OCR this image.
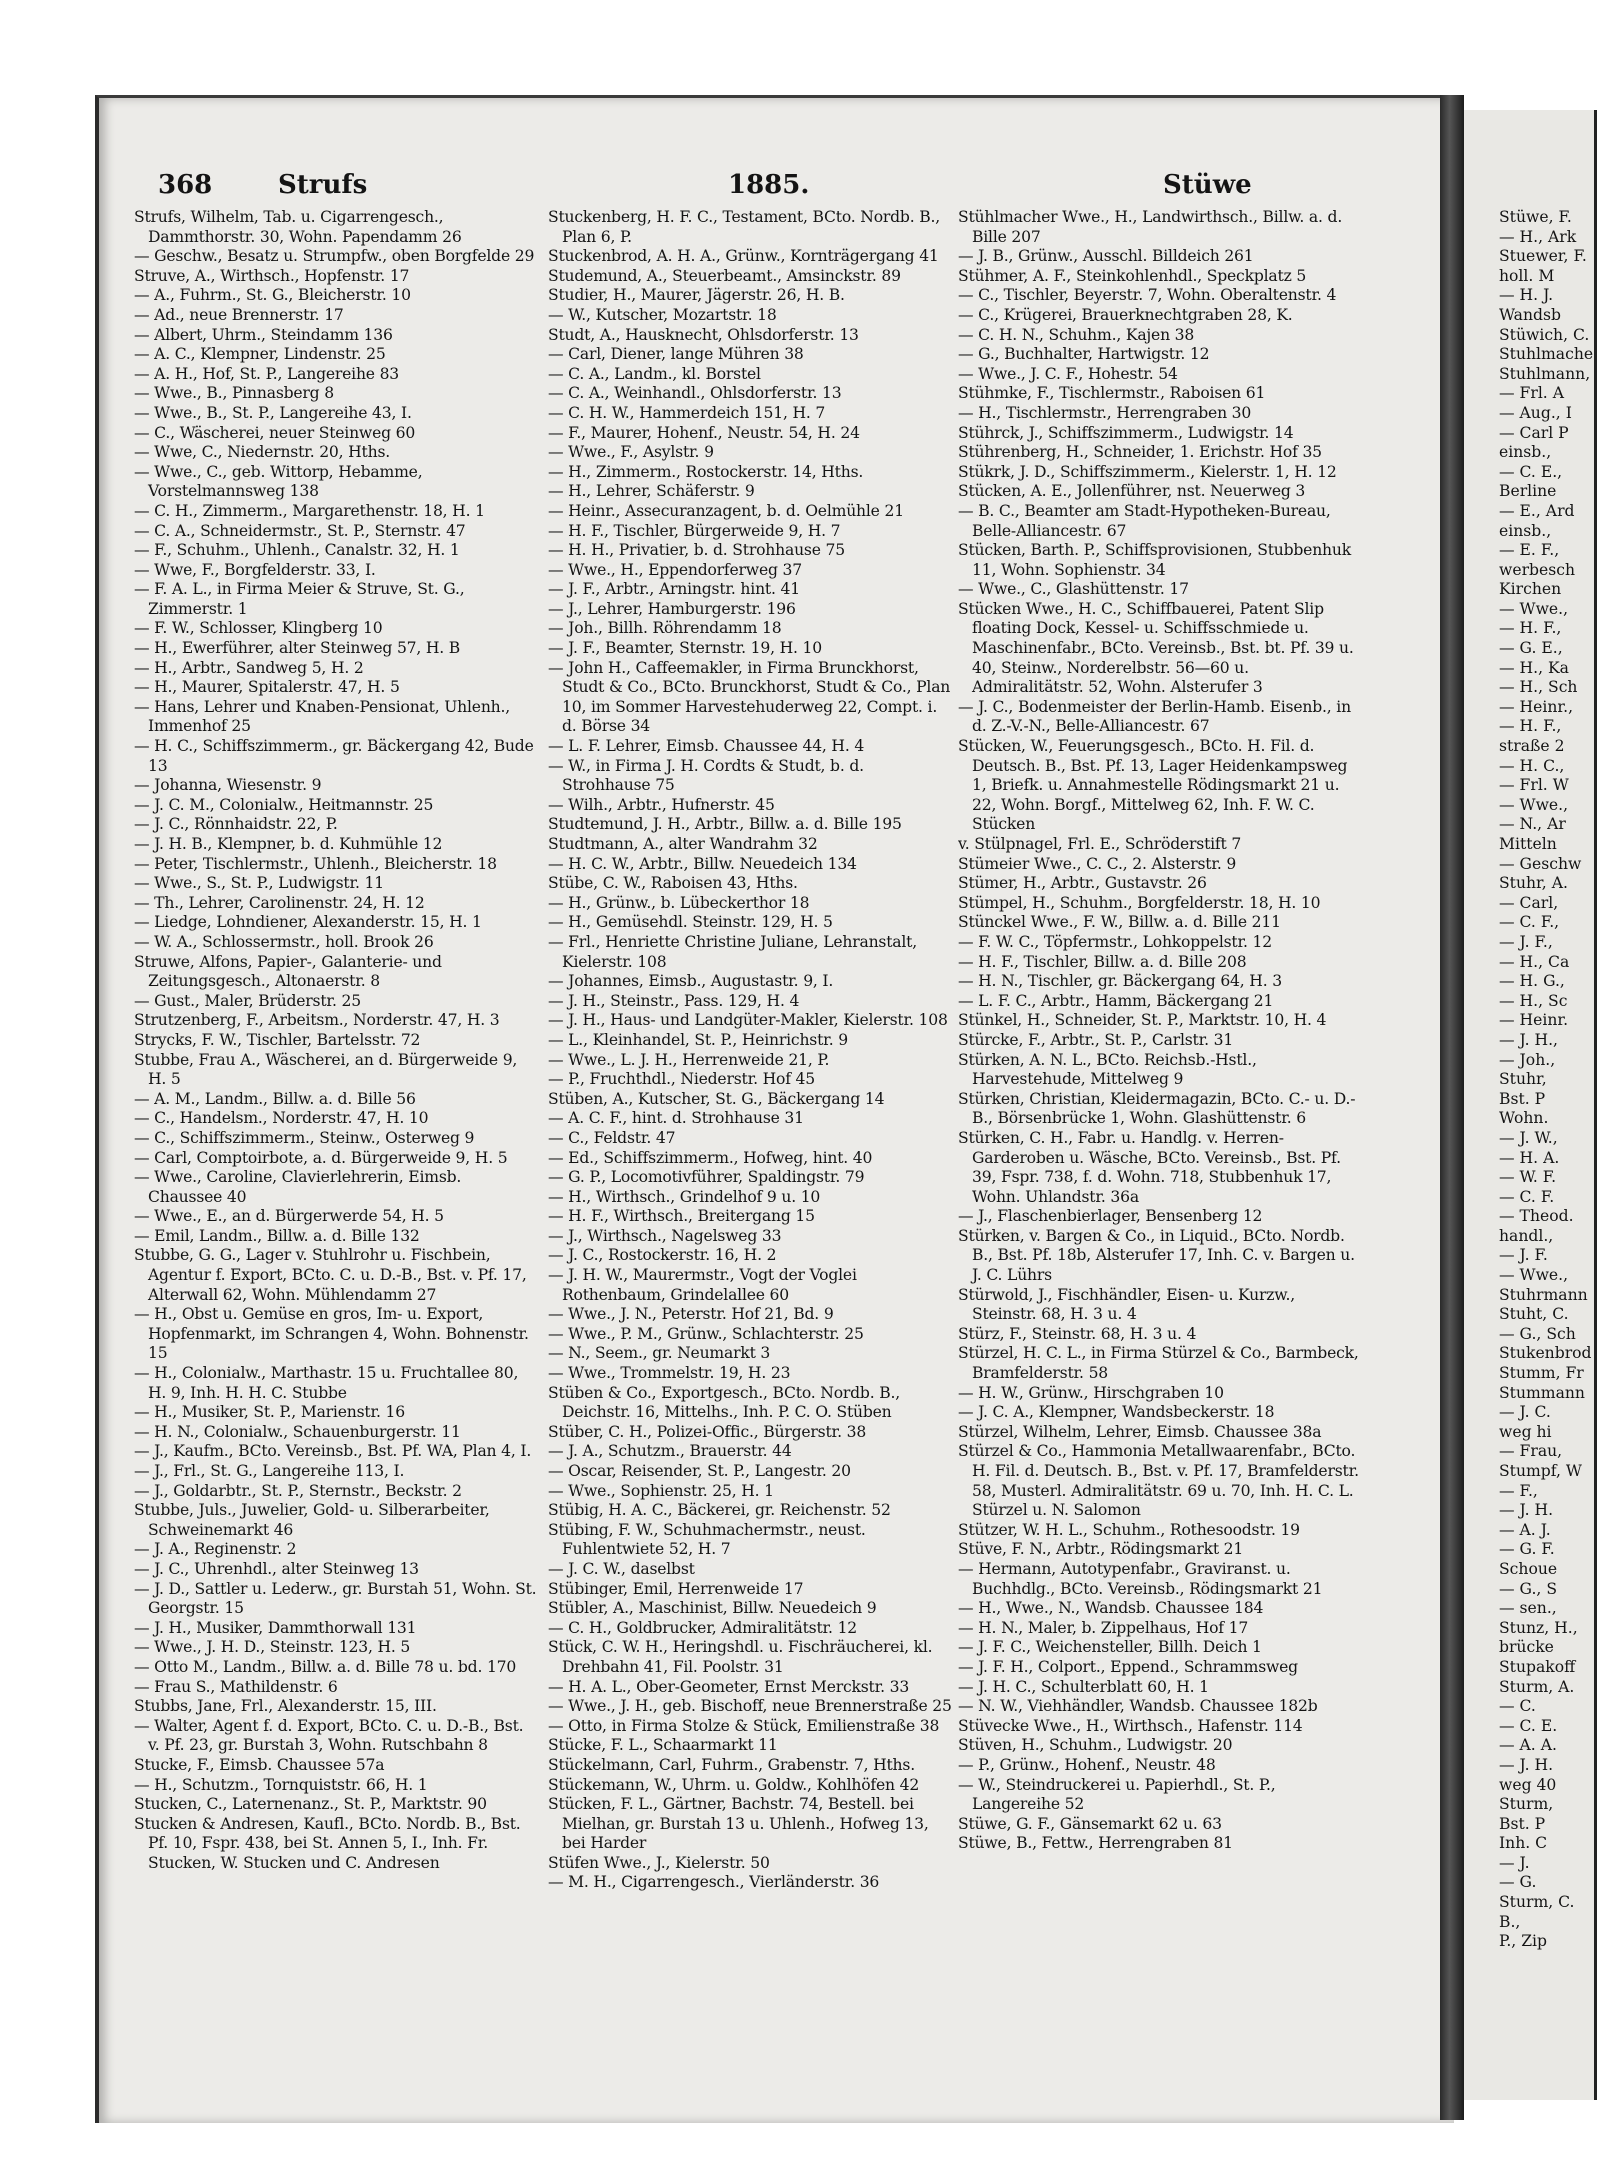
368	Strufs	1885.	Stüwe

Strufs, Wilhelm, Tab. u. Cigarrengesch., Dammthorstr. 30, Wohn. Papendamm 26

— Geschw., Besatz u. Strumpfw., oben Borgfelde 29

Struve, A., Wirthsch., Hopfenstr. 17

— A., Fuhrm., St. G., Bleicherstr. 10

— Ad., neue Brennerstr. 17

— Albert, Uhrm., Steindamm 136

— A. C., Klempner, Lindenstr. 25

— A. H., Hof, St. P., Langereihe 83

— Wwe., B., Pinnasberg 8

— Wwe., B., St. P., Langereihe 43, I.

— C., Wäscherei, neuer Steinweg 60

— Wwe, C., Niedernstr. 20, Hths.

— Wwe., C., geb. Wittorp, Hebamme, Vorstelmannsweg 138

— C. H., Zimmerm., Margarethenstr. 18, H. 1

— C. A., Schneidermstr., St. P., Sternstr. 47

— F., Schuhm., Uhlenh., Canalstr. 32, H. 1

— Wwe, F., Borgfelderstr. 33, I.

— F. A. L., in Firma Meier & Struve, St. G., Zimmerstr. 1

— F. W., Schlosser, Klingberg 10

— H., Ewerführer, alter Steinweg 57, H. B

— H., Arbtr., Sandweg 5, H. 2

— H., Maurer, Spitalerstr. 47, H. 5

— Hans, Lehrer und Knaben-Pensionat, Uhlenh., Immenhof 25

— H. C., Schiffszimmerm., gr. Bäckergang 42, Bude 13

— Johanna, Wiesenstr. 9

— J. C. M., Colonialw., Heitmannstr. 25

— J. C., Rönnhaidstr. 22, P.

— J. H. B., Klempner, b. d. Kuhmühle 12

— Peter, Tischlermstr., Uhlenh., Bleicherstr. 18

— Wwe., S., St. P., Ludwigstr. 11

— Th., Lehrer, Carolinenstr. 24, H. 12

— Liedge, Lohndiener, Alexanderstr. 15, H. 1

— W. A., Schlossermstr., holl. Brook 26

Struwe, Alfons, Papier-, Galanterie- und Zeitungsgesch., Altonaerstr. 8

— Gust., Maler, Brüderstr. 25

Strutzenberg, F., Arbeitsm., Norderstr. 47, H. 3

Strycks, F. W., Tischler, Bartelsstr. 72

Stubbe, Frau A., Wäscherei, an d. Bürgerweide 9, H. 5

— A. M., Landm., Billw. a. d. Bille 56

— C., Handelsm., Norderstr. 47, H. 10

— C., Schiffszimmerm., Steinw., Osterweg 9

— Carl, Comptoirbote, a. d. Bürgerweide 9, H. 5

— Wwe., Caroline, Clavierlehrerin, Eimsb. Chaussee 40

— Wwe., E., an d. Bürgerwerde 54, H. 5

— Emil, Landm., Billw. a. d. Bille 132

Stubbe, G. G., Lager v. Stuhlrohr u. Fischbein, Agentur f. Export, BCto. C. u. D.-B., Bst. v. Pf. 17, Alterwall 62, Wohn. Mühlendamm 27

— H., Obst u. Gemüse en gros, Im- u. Export, Hopfenmarkt, im Schrangen 4, Wohn. Bohnenstr. 15

— H., Colonialw., Marthastr. 15 u. Fruchtallee 80, H. 9, Inh. H. H. C. Stubbe

— H., Musiker, St. P., Marienstr. 16

— H. N., Colonialw., Schauenburgerstr. 11

— J., Kaufm., BCto. Vereinsb., Bst. Pf. WA, Plan 4, I.

— J., Frl., St. G., Langereihe 113, I.

— J., Goldarbtr., St. P., Sternstr., Beckstr. 2

Stubbe, Juls., Juwelier, Gold- u. Silberarbeiter, Schweinemarkt 46

— J. A., Reginenstr. 2

— J. C., Uhrenhdl., alter Steinweg 13

— J. D., Sattler u. Lederw., gr. Burstah 51, Wohn. St. Georgstr. 15

— J. H., Musiker, Dammthorwall 131

— Wwe., J. H. D., Steinstr. 123, H. 5

— Otto M., Landm., Billw. a. d. Bille 78 u. bd. 170

— Frau S., Mathildenstr. 6

Stubbs, Jane, Frl., Alexanderstr. 15, III.

— Walter, Agent f. d. Export, BCto. C. u. D.-B., Bst. v. Pf. 23, gr. Burstah 3, Wohn. Rutschbahn 8

Stucke, F., Eimsb. Chaussee 57a

— H., Schutzm., Tornquiststr. 66, H. 1

Stucken, C., Laternenanz., St. P., Marktstr. 90

Stucken & Andresen, Kaufl., BCto. Nordb. B., Bst. Pf. 10, Fspr. 438, bei St. Annen 5, I., Inh. Fr. Stucken, W. Stucken und C. Andresen

Stuckenberg, H. F. C., Testament, BCto. Nordb. B., Plan 6, P.

Stuckenbrod, A. H. A., Grünw., Kornträgergang 41

Studemund, A., Steuerbeamt., Amsinckstr. 89

Studier, H., Maurer, Jägerstr. 26, H. B.

— W., Kutscher, Mozartstr. 18

Studt, A., Hausknecht, Ohlsdorferstr. 13

— Carl, Diener, lange Mühren 38

— C. A., Landm., kl. Borstel

— C. A., Weinhandl., Ohlsdorferstr. 13

— C. H. W., Hammerdeich 151, H. 7

— F., Maurer, Hohenf., Neustr. 54, H. 24

— Wwe., F., Asylstr. 9

— H., Zimmerm., Rostockerstr. 14, Hths.

— H., Lehrer, Schäferstr. 9

— Heinr., Assecuranzagent, b. d. Oelmühle 21

— H. F., Tischler, Bürgerweide 9, H. 7

— H. H., Privatier, b. d. Strohhause 75

— Wwe., H., Eppendorferweg 37

— J. F., Arbtr., Arningstr. hint. 41

— J., Lehrer, Hamburgerstr. 196

— Joh., Billh. Röhrendamm 18

— J. F., Beamter, Sternstr. 19, H. 10

— John H., Caffeemakler, in Firma Brunckhorst, Studt & Co., BCto. Brunckhorst, Studt & Co., Plan 10, im Sommer Harvestehuderweg 22, Compt. i. d. Börse 34

— L. F. Lehrer, Eimsb. Chaussee 44, H. 4

— W., in Firma J. H. Cordts & Studt, b. d. Strohhause 75

— Wilh., Arbtr., Hufnerstr. 45

Studtemund, J. H., Arbtr., Billw. a. d. Bille 195

Studtmann, A., alter Wandrahm 32

— H. C. W., Arbtr., Billw. Neuedeich 134

Stübe, C. W., Raboisen 43, Hths.

— H., Grünw., b. Lübeckerthor 18

— H., Gemüsehdl. Steinstr. 129, H. 5

— Frl., Henriette Christine Juliane, Lehranstalt, Kielerstr. 108

— Johannes, Eimsb., Augustastr. 9, I.

— J. H., Steinstr., Pass. 129, H. 4

— J. H., Haus- und Landgüter-Makler, Kielerstr. 108

— L., Kleinhandel, St. P., Heinrichstr. 9

— Wwe., L. J. H., Herrenweide 21, P.

— P., Fruchthdl., Niederstr. Hof 45

Stüben, A., Kutscher, St. G., Bäckergang 14

— A. C. F., hint. d. Strohhause 31

— C., Feldstr. 47

— Ed., Schiffszimmerm., Hofweg, hint. 40

— G. P., Locomotivführer, Spaldingstr. 79

— H., Wirthsch., Grindelhof 9 u. 10

— H. F., Wirthsch., Breitergang 15

— J., Wirthsch., Nagelsweg 33

— J. C., Rostockerstr. 16, H. 2

— J. H. W., Maurermstr., Vogt der Voglei Rothenbaum, Grindelallee 60

— Wwe., J. N., Peterstr. Hof 21, Bd. 9

— Wwe., P. M., Grünw., Schlachterstr. 25

— N., Seem., gr. Neumarkt 3

— Wwe., Trommelstr. 19, H. 23

Stüben & Co., Exportgesch., BCto. Nordb. B., Deichstr. 16, Mittelhs., Inh. P. C. O. Stüben

Stüber, C. H., Polizei-Offic., Bürgerstr. 38

— J. A., Schutzm., Brauerstr. 44

— Oscar, Reisender, St. P., Langestr. 20

— Wwe., Sophienstr. 25, H. 1

Stübig, H. A. C., Bäckerei, gr. Reichenstr. 52

Stübing, F. W., Schuhmachermstr., neust. Fuhlentwiete 52, H. 7

— J. C. W., daselbst

Stübinger, Emil, Herrenweide 17

Stübler, A., Maschinist, Billw. Neuedeich 9

— C. H., Goldbrucker, Admiralitätstr. 12

Stück, C. W. H., Heringshdl. u. Fischräucherei, kl. Drehbahn 41, Fil. Poolstr. 31

— H. A. L., Ober-Geometer, Ernst Merckstr. 33

— Wwe., J. H., geb. Bischoff, neue Brennerstraße 25

— Otto, in Firma Stolze & Stück, Emilienstraße 38

Stücke, F. L., Schaarmarkt 11

Stückelmann, Carl, Fuhrm., Grabenstr. 7, Hths.

Stückemann, W., Uhrm. u. Goldw., Kohlhöfen 42

Stücken, F. L., Gärtner, Bachstr. 74, Bestell. bei Mielhan, gr. Burstah 13 u. Uhlenh., Hofweg 13, bei Harder

Stüfen Wwe., J., Kielerstr. 50

— M. H., Cigarrengesch., Vierländerstr. 36

Stühlmacher Wwe., H., Landwirthsch., Billw. a. d. Bille 207

— J. B., Grünw., Ausschl. Billdeich 261

Stühmer, A. F., Steinkohlenhdl., Speckplatz 5

— C., Tischler, Beyerstr. 7, Wohn. Oberaltenstr. 4

— C., Krügerei, Brauerknechtgraben 28, K.

— C. H. N., Schuhm., Kajen 38

— G., Buchhalter, Hartwigstr. 12

— Wwe., J. C. F., Hohestr. 54

Stühmke, F., Tischlermstr., Raboisen 61

— H., Tischlermstr., Herrengraben 30

Stührck, J., Schiffszimmerm., Ludwigstr. 14

Stührenberg, H., Schneider, 1. Erichstr. Hof 35

Stükrk, J. D., Schiffszimmerm., Kielerstr. 1, H. 12

Stücken, A. E., Jollenführer, nst. Neuerweg 3

— B. C., Beamter am Stadt-Hypotheken-Bureau, Belle-Alliancestr. 67

Stücken, Barth. P., Schiffsprovisionen, Stubbenhuk 11, Wohn. Sophienstr. 34

— Wwe., C., Glashüttenstr. 17

Stücken Wwe., H. C., Schiffbauerei, Patent Slip floating Dock, Kessel- u. Schiffsschmiede u. Maschinenfabr., BCto. Vereinsb., Bst. bt. Pf. 39 u. 40, Steinw., Norderelbstr. 56—60 u. Admiralitätstr. 52, Wohn. Alsterufer 3

— J. C., Bodenmeister der Berlin-Hamb. Eisenb., in d. Z.-V.-N., Belle-Alliancestr. 67

Stücken, W., Feuerungsgesch., BCto. H. Fil. d. Deutsch. B., Bst. Pf. 13, Lager Heidenkampsweg 1, Briefk. u. Annahmestelle Rödingsmarkt 21 u. 22, Wohn. Borgf., Mittelweg 62, Inh. F. W. C. Stücken

v. Stülpnagel, Frl. E., Schröderstift 7

Stümeier Wwe., C. C., 2. Alsterstr. 9

Stümer, H., Arbtr., Gustavstr. 26

Stümpel, H., Schuhm., Borgfelderstr. 18, H. 10

Stünckel Wwe., F. W., Billw. a. d. Bille 211

— F. W. C., Töpfermstr., Lohkoppelstr. 12

— H. F., Tischler, Billw. a. d. Bille 208

— H. N., Tischler, gr. Bäckergang 64, H. 3

— L. F. C., Arbtr., Hamm, Bäckergang 21

Stünkel, H., Schneider, St. P., Marktstr. 10, H. 4

Stürcke, F., Arbtr., St. P., Carlstr. 31

Stürken, A. N. L., BCto. Reichsb.-Hstl., Harvestehude, Mittelweg 9

Stürken, Christian, Kleidermagazin, BCto. C.- u. D.-B., Börsenbrücke 1, Wohn. Glashüttenstr. 6

Stürken, C. H., Fabr. u. Handlg. v. Herren-Garderoben u. Wäsche, BCto. Vereinsb., Bst. Pf. 39, Fspr. 738, f. d. Wohn. 718, Stubbenhuk 17, Wohn. Uhlandstr. 36a

— J., Flaschenbierlager, Bensenberg 12

Stürken, v. Bargen & Co., in Liquid., BCto. Nordb. B., Bst. Pf. 18b, Alsterufer 17, Inh. C. v. Bargen u. J. C. Lührs

Stürwold, J., Fischhändler, Eisen- u. Kurzw., Steinstr. 68, H. 3 u. 4

Stürz, F., Steinstr. 68, H. 3 u. 4

Stürzel, H. C. L., in Firma Stürzel & Co., Barmbeck, Bramfelderstr. 58

— H. W., Grünw., Hirschgraben 10

— J. C. A., Klempner, Wandsbeckerstr. 18

Stürzel, Wilhelm, Lehrer, Eimsb. Chaussee 38a

Stürzel & Co., Hammonia Metallwaarenfabr., BCto. H. Fil. d. Deutsch. B., Bst. v. Pf. 17, Bramfelderstr. 58, Musterl. Admiralitätstr. 69 u. 70, Inh. H. C. L. Stürzel u. N. Salomon

Stützer, W. H. L., Schuhm., Rothesoodstr. 19

Stüve, F. N., Arbtr., Rödingsmarkt 21

— Hermann, Autotypenfabr., Graviranst. u. Buchhdlg., BCto. Vereinsb., Rödingsmarkt 21

— H., Wwe., N., Wandsb. Chaussee 184

— H. N., Maler, b. Zippelhaus, Hof 17

— J. F. C., Weichensteller, Billh. Deich 1

— J. F. H., Colport., Eppend., Schrammsweg

— J. H. C., Schulterblatt 60, H. 1

— N. W., Viehhändler, Wandsb. Chaussee 182b

Stüvecke Wwe., H., Wirthsch., Hafenstr. 114

Stüven, H., Schuhm., Ludwigstr. 20

— P., Grünw., Hohenf., Neustr. 48

— W., Steindruckerei u. Papierhdl., St. P., Langereihe 52

Stüwe, G. F., Gänsemarkt 62 u. 63

Stüwe, B., Fettw., Herrengraben 81

Stüwe, F.

— H., Ark

Stuewer, F.

holl. M

— H. J.

Wandsb

Stüwich, C.

Stuhlmache

Stuhlmann,

— Frl. A

— Aug., I

— Carl P

einsb.,

— C. E.,

Berline

— E., Ard

einsb.,

— E. F.,

werbesch

Kirchen

— Wwe.,

— H. F.,

— G. E.,

— H., Ka

— H., Sch

— Heinr.,

— H. F.,

straße 2

— H. C.,

— Frl. W

— Wwe.,

— N., Ar

Mitteln

— Geschw

Stuhr, A.

— Carl,

— C. F.,

— J. F.,

— H., Ca

— H. G.,

— H., Sc

— Heinr.

— J. H.,

— Joh.,

Stuhr,

Bst. P

Wohn.

— J. W.,

— H. A.

— W. F.

— C. F.

— Theod.

handl.,

— J. F.

— Wwe.,

Stuhrmann

Stuht, C.

— G., Sch

Stukenbrod

Stumm, Fr

Stummann

— J. C.

weg hi

— Frau,

Stumpf, W

— F.,

— J. H.

— A. J.

— G. F.

Schoue

— G., S

— sen.,

Stunz, H.,

brücke

Stupakoff

Sturm, A.

— C.

— C. E.

— A. A.

— J. H.

weg 40

Sturm,

Bst. P

Inh. C

— J.

— G.

Sturm, C.

B.,

P., Zip
